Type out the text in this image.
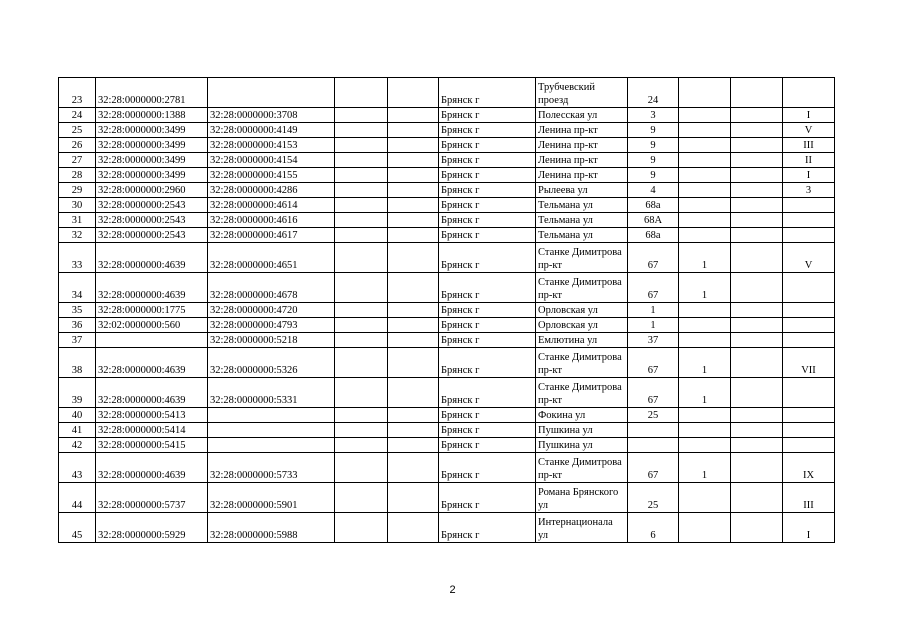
23	32:28:0000000:2781				Брянск г	Трубчевский проезд	24			
24	32:28:0000000:1388	32:28:0000000:3708			Брянск г	Полесская ул	3			I
25	32:28:0000000:3499	32:28:0000000:4149			Брянск г	Ленина пр-кт	9			V
26	32:28:0000000:3499	32:28:0000000:4153			Брянск г	Ленина пр-кт	9			III
27	32:28:0000000:3499	32:28:0000000:4154			Брянск г	Ленина пр-кт	9			II
28	32:28:0000000:3499	32:28:0000000:4155			Брянск г	Ленина пр-кт	9			I
29	32:28:0000000:2960	32:28:0000000:4286			Брянск г	Рылеева ул	4			3
30	32:28:0000000:2543	32:28:0000000:4614			Брянск г	Тельмана ул	68а			
31	32:28:0000000:2543	32:28:0000000:4616			Брянск г	Тельмана ул	68А			
32	32:28:0000000:2543	32:28:0000000:4617			Брянск г	Тельмана ул	68а			
33	32:28:0000000:4639	32:28:0000000:4651			Брянск г	Станке Димитрова пр-кт	67	1		V
34	32:28:0000000:4639	32:28:0000000:4678			Брянск г	Станке Димитрова пр-кт	67	1		
35	32:28:0000000:1775	32:28:0000000:4720			Брянск г	Орловская ул	1			
36	32:02:0000000:560	32:28:0000000:4793			Брянск г	Орловская ул	1			
37		32:28:0000000:5218			Брянск г	Емлютина ул	37			
38	32:28:0000000:4639	32:28:0000000:5326			Брянск г	Станке Димитрова пр-кт	67	1		VII
39	32:28:0000000:4639	32:28:0000000:5331			Брянск г	Станке Димитрова пр-кт	67	1		
40	32:28:0000000:5413				Брянск г	Фокина ул	25			
41	32:28:0000000:5414				Брянск г	Пушкина ул				
42	32:28:0000000:5415				Брянск г	Пушкина ул				
43	32:28:0000000:4639	32:28:0000000:5733			Брянск г	Станке Димитрова пр-кт	67	1		IX
44	32:28:0000000:5737	32:28:0000000:5901			Брянск г	Романа Брянского ул	25			III
45	32:28:0000000:5929	32:28:0000000:5988			Брянск г	Интернационала ул	6			I
2
